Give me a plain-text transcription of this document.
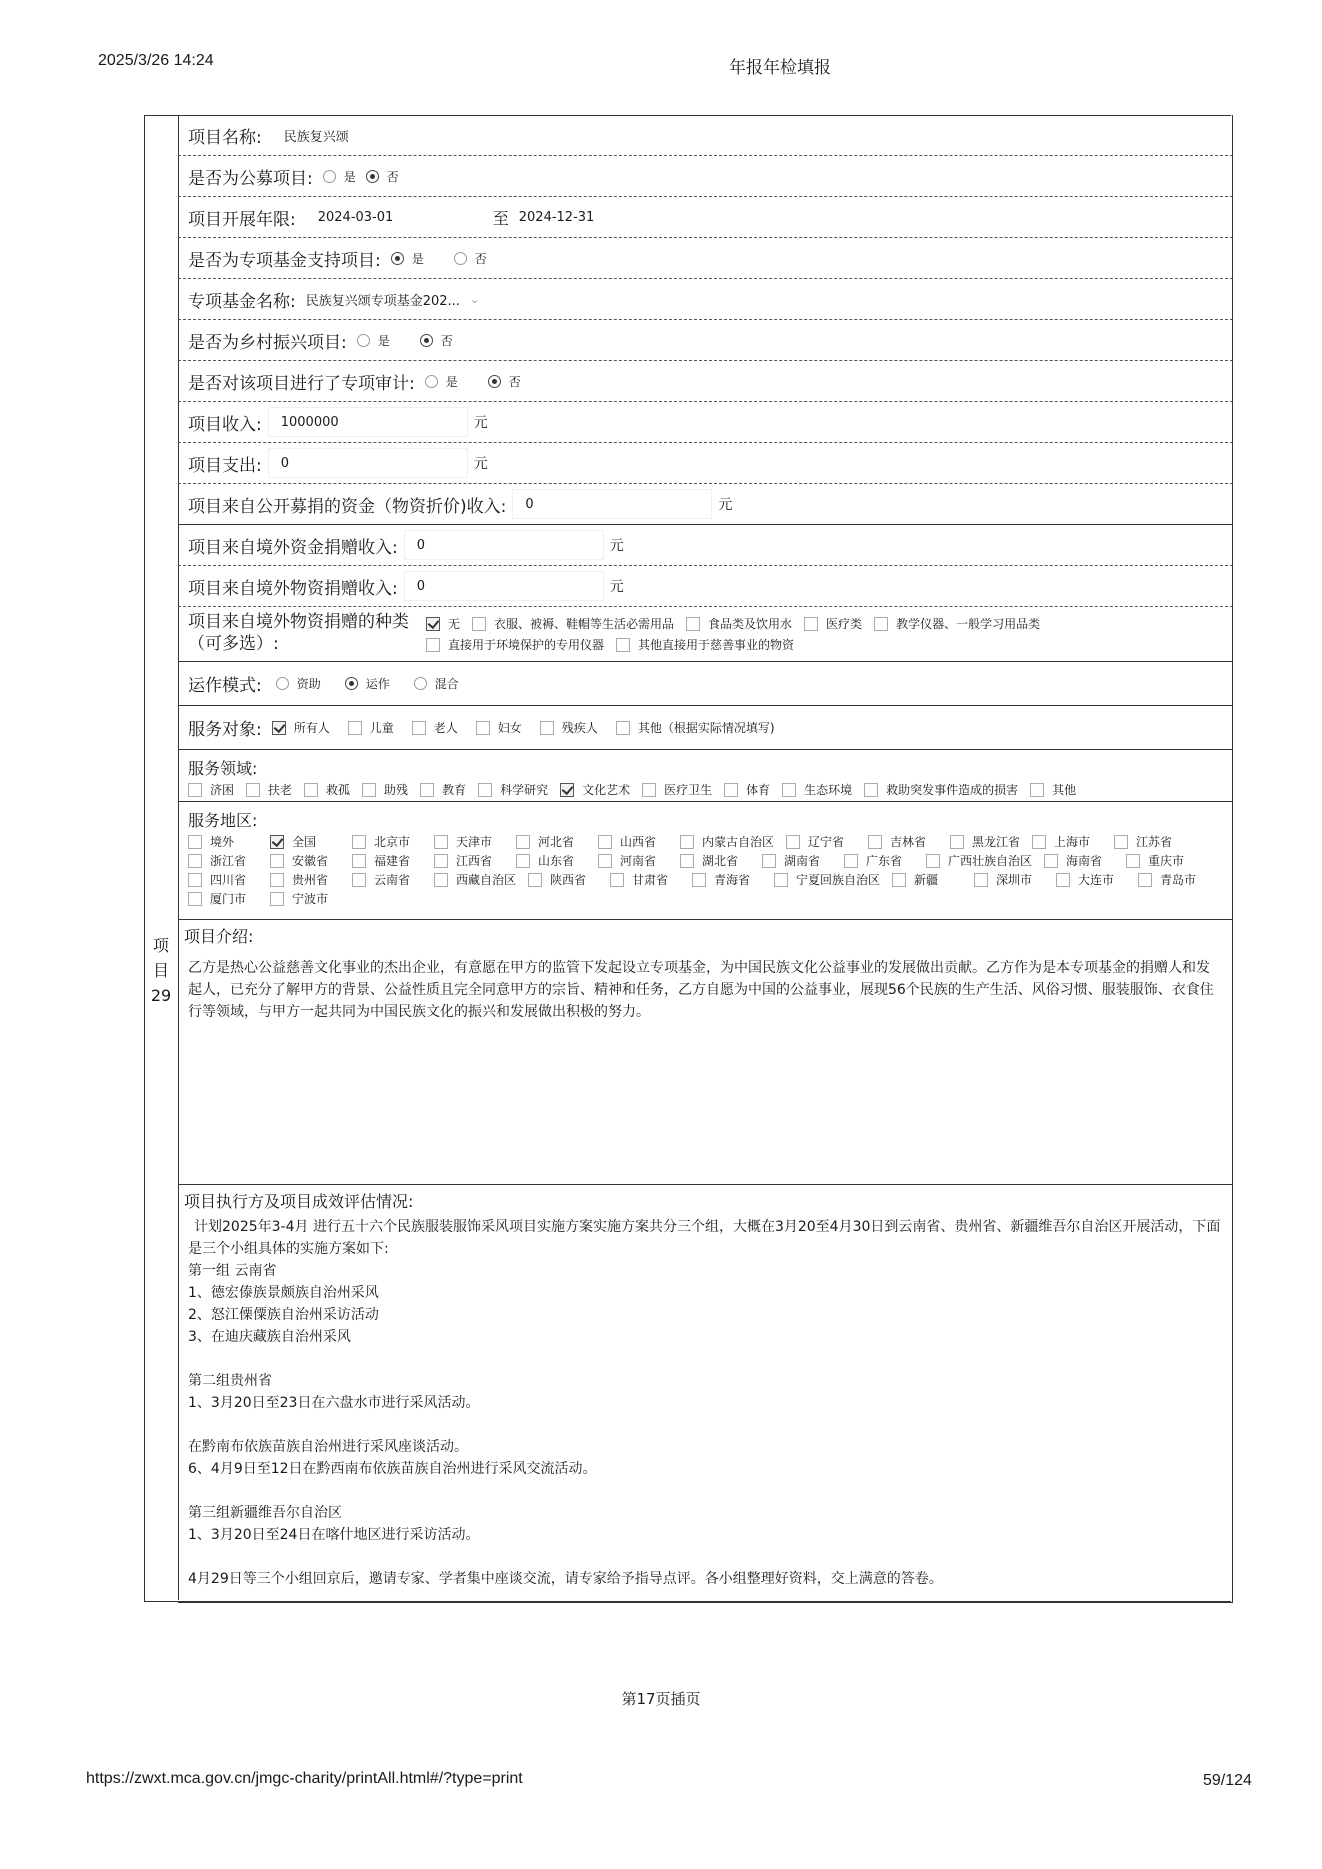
2025/3/26 14:24	年报年检填报
项
目
29
项目名称: 民族复兴颂
是否为公募项目:	是	否
项目开展年限: 2024-03-01	至 2024-12-31
是否为专项基金支持项目:	是	否
专项基金名称: 民族复兴颂专项基金202... ⌄
是否为乡村振兴项目:	是	否
是否对该项目进行了专项审计:	是	否
项目收入:	1000000	元
项目支出:	0	元
项目来自公开募捐的资金（物资折价)收入:	0	元
项目来自境外资金捐赠收入:	0	元
项目来自境外物资捐赠收入:	0	元
项目来自境外物资捐赠的种类
（可多选）:
无	衣服、被褥、鞋帽等生活必需用品	食品类及饮用水	医疗类	教学仪器、一般学习用品类
直接用于环境保护的专用仪器	其他直接用于慈善事业的物资
运作模式:	资助	运作	混合
服务对象:	所有人	儿童	老人	妇女	残疾人	其他（根据实际情况填写)
服务领域:
济困	扶老	救孤	助残	教育	科学研究	文化艺术	医疗卫生	体育	生态环境	救助突发事件造成的损害	其他
服务地区:
境外	全国	北京市	天津市	河北省	山西省	内蒙古自治区	辽宁省	吉林省	黑龙江省	上海市	江苏省
浙江省	安徽省	福建省	江西省	山东省	河南省	湖北省	湖南省	广东省	广西壮族自治区	海南省	重庆市
四川省	贵州省	云南省	西藏自治区	陕西省	甘肃省	青海省	宁夏回族自治区	新疆	深圳市	大连市	青岛市
厦门市	宁波市
项目介绍:
乙方是热心公益慈善文化事业的杰出企业，有意愿在甲方的监管下发起设立专项基金，为中国民族文化公益事业的发展做出贡献。乙方作为是本专项基金的捐赠人和发起人，已充分了解甲方的背景、公益性质且完全同意甲方的宗旨、精神和任务，乙方自愿为中国的公益事业，展现56个民族的生产生活、风俗习惯、服装服饰、衣食住行等领域，与甲方一起共同为中国民族文化的振兴和发展做出积极的努力。
项目执行方及项目成效评估情况:
计划2025年3-4月 进行五十六个民族服装服饰采风项目实施方案实施方案共分三个组，大概在3月20至4月30日到云南省、贵州省、新疆维吾尔自治区开展活动，下面是三个小组具体的实施方案如下:
第一组 云南省
1、德宏傣族景颇族自治州采风
2、怒江傈僳族自治州采访活动
3、在迪庆藏族自治州采风
第二组贵州省
1、3月20日至23日在六盘水市进行采风活动。
在黔南布依族苗族自治州进行采风座谈活动。
6、4月9日至12日在黔西南布依族苗族自治州进行采风交流活动。
第三组新疆维吾尔自治区
1、3月20日至24日在喀什地区进行采访活动。
4月29日等三个小组回京后，邀请专家、学者集中座谈交流，请专家给予指导点评。各小组整理好资料，交上满意的答卷。
第17页插页
https://zwxt.mca.gov.cn/jmgc-charity/printAll.html#/?type=print	59/124
